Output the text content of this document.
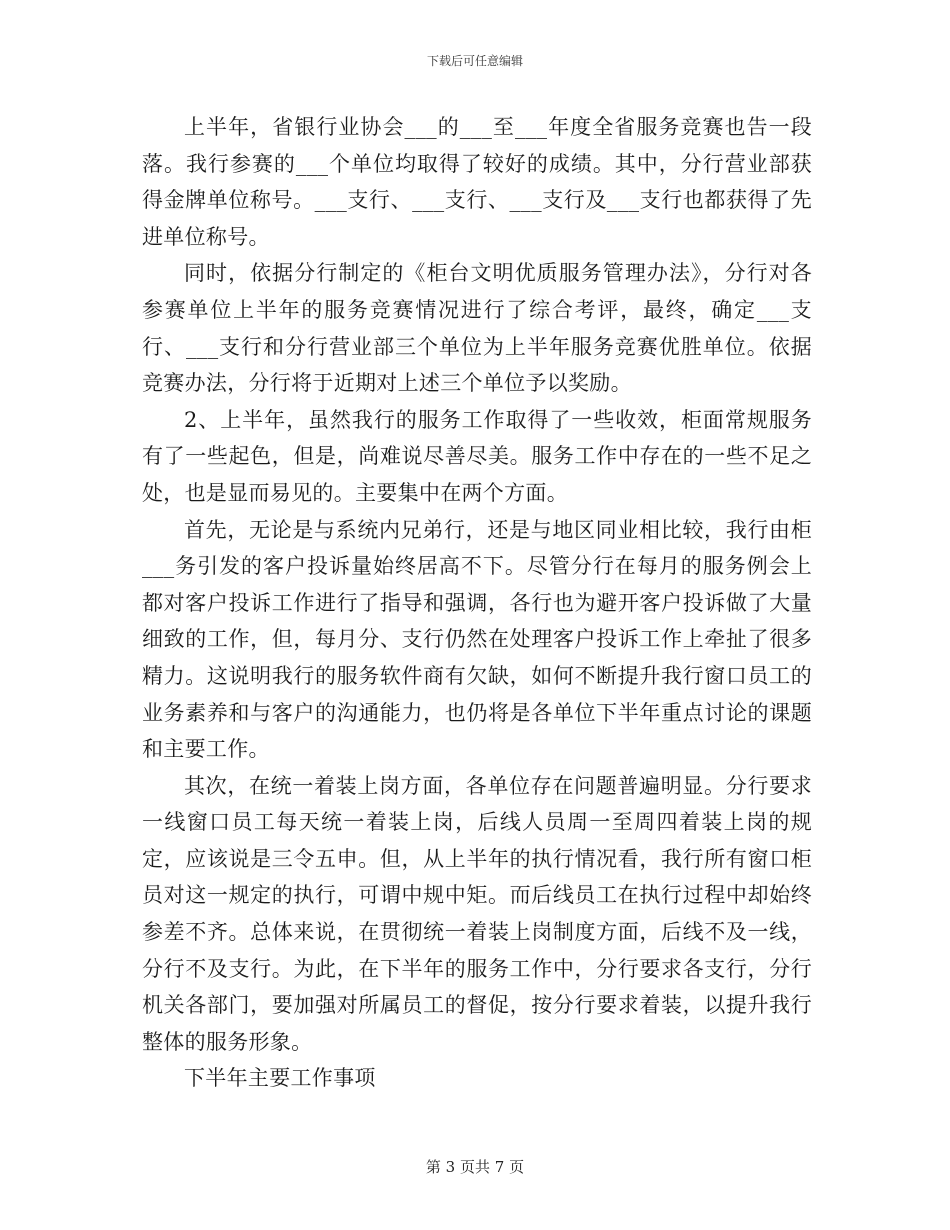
下载后可任意编辑

上半年，省银行业协会___的___至___年度全省服务竞赛也告一段落。我行参赛的___个单位均取得了较好的成绩。其中，分行营业部获得金牌单位称号。___支行、___支行、___支行及___支行也都获得了先进单位称号。

同时，依据分行制定的《柜台文明优质服务管理办法》，分行对各参赛单位上半年的服务竞赛情况进行了综合考评，最终，确定___支行、___支行和分行营业部三个单位为上半年服务竞赛优胜单位。依据竞赛办法，分行将于近期对上述三个单位予以奖励。

2、上半年，虽然我行的服务工作取得了一些收效，柜面常规服务有了一些起色，但是，尚难说尽善尽美。服务工作中存在的一些不足之处，也是显而易见的。主要集中在两个方面。

首先，无论是与系统内兄弟行，还是与地区同业相比较，我行由柜___务引发的客户投诉量始终居高不下。尽管分行在每月的服务例会上都对客户投诉工作进行了指导和强调，各行也为避开客户投诉做了大量细致的工作，但，每月分、支行仍然在处理客户投诉工作上牵扯了很多精力。这说明我行的服务软件商有欠缺，如何不断提升我行窗口员工的业务素养和与客户的沟通能力，也仍将是各单位下半年重点讨论的课题和主要工作。

其次，在统一着装上岗方面，各单位存在问题普遍明显。分行要求一线窗口员工每天统一着装上岗，后线人员周一至周四着装上岗的规定，应该说是三令五申。但，从上半年的执行情况看，我行所有窗口柜员对这一规定的执行，可谓中规中矩。而后线员工在执行过程中却始终参差不齐。总体来说，在贯彻统一着装上岗制度方面，后线不及一线，分行不及支行。为此，在下半年的服务工作中，分行要求各支行，分行机关各部门，要加强对所属员工的督促，按分行要求着装，以提升我行整体的服务形象。

下半年主要工作事项

第 3 页共 7 页
